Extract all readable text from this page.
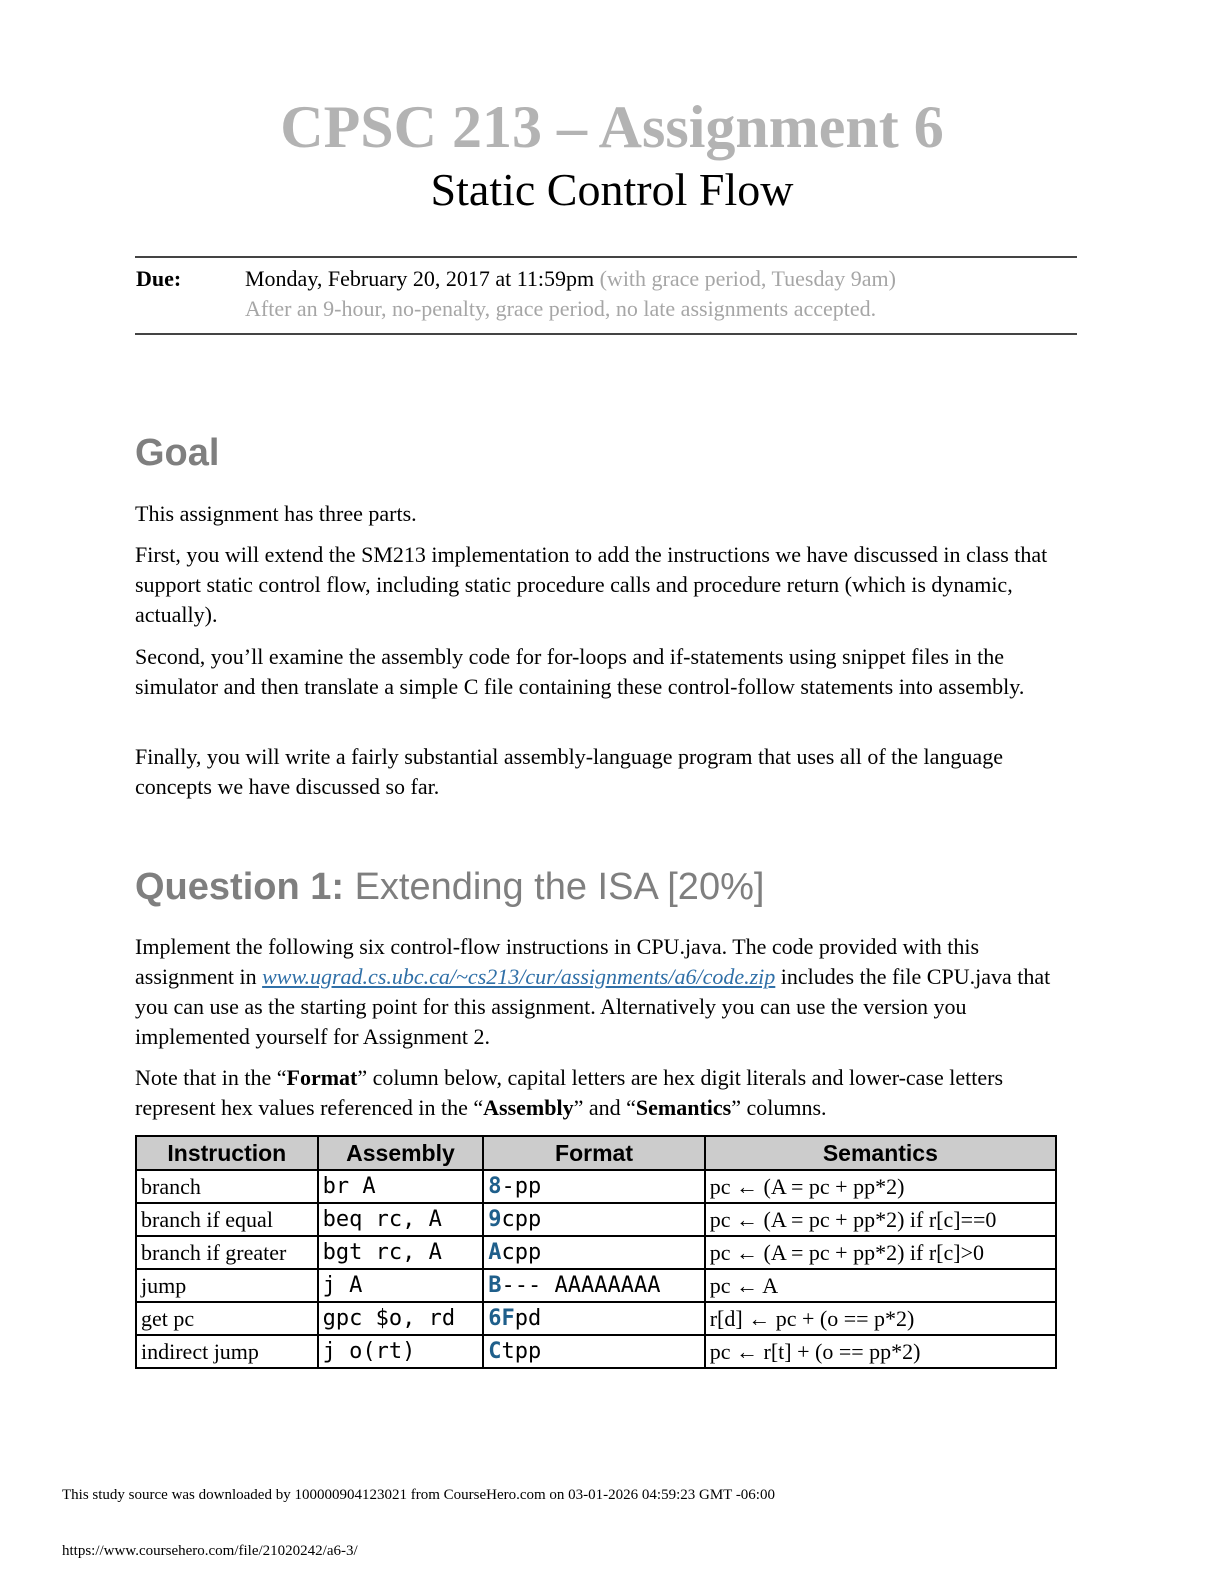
CPSC 213 – Assignment 6
Static Control Flow
Due:	Monday, February 20, 2017 at 11:59pm (with grace period, Tuesday 9am)
After an 9-hour, no-penalty, grace period, no late assignments accepted.
Goal
This assignment has three parts.
First, you will extend the SM213 implementation to add the instructions we have discussed in class that support static control flow, including static procedure calls and procedure return (which is dynamic, actually).
Second, you’ll examine the assembly code for for-loops and if-statements using snippet files in the simulator and then translate a simple C file containing these control-follow statements into assembly.
Finally, you will write a fairly substantial assembly-language program that uses all of the language concepts we have discussed so far.
Question 1: Extending the ISA [20%]
Implement the following six control-flow instructions in CPU.java. The code provided with this assignment in www.ugrad.cs.ubc.ca/~cs213/cur/assignments/a6/code.zip includes the file CPU.java that you can use as the starting point for this assignment. Alternatively you can use the version you implemented yourself for Assignment 2.
Note that in the “Format” column below, capital letters are hex digit literals and lower-case letters represent hex values referenced in the “Assembly” and “Semantics” columns.
Instruction	Assembly	Format	Semantics
branch	br A	8-pp	pc ← (A = pc + pp*2)
branch if equal	beq rc, A	9cpp	pc ← (A = pc + pp*2) if r[c]==0
branch if greater	bgt rc, A	Acpp	pc ← (A = pc + pp*2) if r[c]>0
jump	j A	B--- AAAAAAAA	pc ← A
get pc	gpc $o, rd	6Fpd	r[d] ← pc + (o == p*2)
indirect jump	j o(rt)	Ctpp	pc ← r[t] + (o == pp*2)
This study source was downloaded by 100000904123021 from CourseHero.com on 03-01-2026 04:59:23 GMT -06:00
https://www.coursehero.com/file/21020242/a6-3/
